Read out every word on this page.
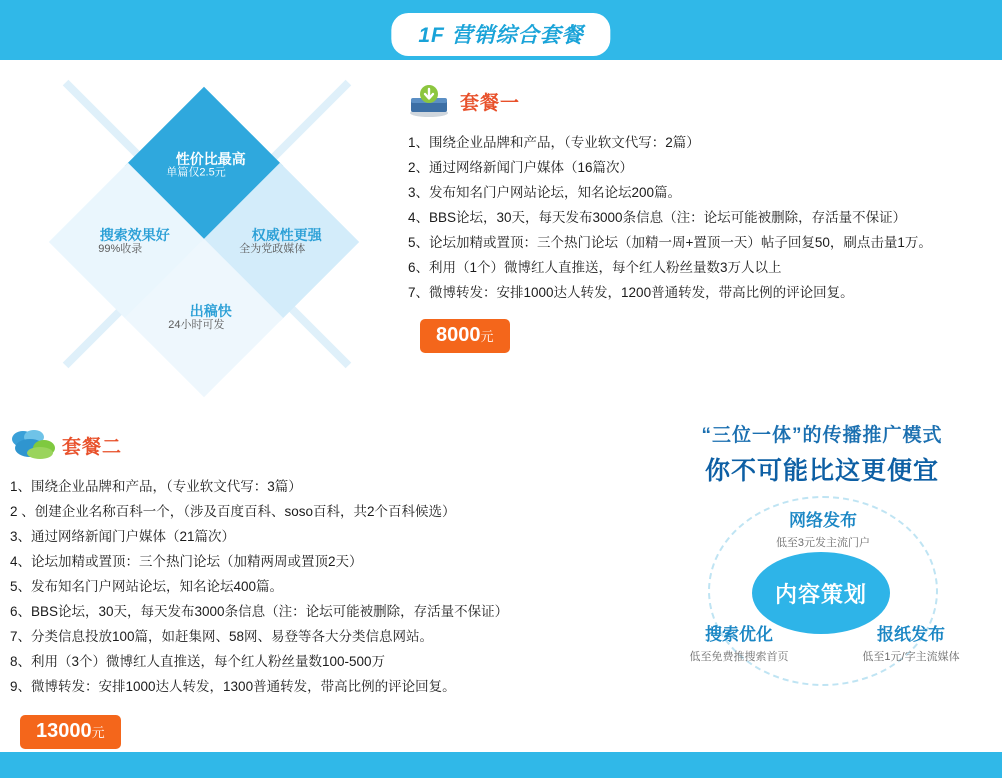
1F 营销综合套餐
性价比最高
单篇仅2.5元
搜索效果好
99%收录
权威性更强
全为党政媒体
出稿快
24小时可发
套餐一
1、围绕企业品牌和产品，（专业软文代写：2篇）
2、通过网络新闻门户媒体（16篇次）
3、发布知名门户网站论坛，知名论坛200篇。
4、BBS论坛，30天，每天发布3000条信息（注：论坛可能被删除，存活量不保证）
5、论坛加精或置顶：三个热门论坛（加精一周+置顶一天）帖子回复50，刷点击量1万。
6、利用（1个）微博红人直推送，每个红人粉丝量数3万人以上
7、微博转发：安排1000达人转发，1200普通转发，带高比例的评论回复。
8000元
套餐二
1、围绕企业品牌和产品，（专业软文代写：3篇）
2 、创建企业名称百科一个，（涉及百度百科、soso百科，共2个百科候选）
3、通过网络新闻门户媒体（21篇次）
4、论坛加精或置顶：三个热门论坛（加精两周或置顶2天）
5、发布知名门户网站论坛，知名论坛400篇。
6、BBS论坛，30天，每天发布3000条信息（注：论坛可能被删除，存活量不保证）
7、分类信息投放100篇，如赶集网、58网、易登等各大分类信息网站。
8、利用（3个）微博红人直推送，每个红人粉丝量数100-500万
9、微博转发：安排1000达人转发，1300普通转发，带高比例的评论回复。
13000元
“三位一体”的传播推广模式
你不可能比这更便宜
内容策划
网络发布
低至3元发主流门户
搜索优化
低至免费推搜索首页
报纸发布
低至1元/字主流媒体
